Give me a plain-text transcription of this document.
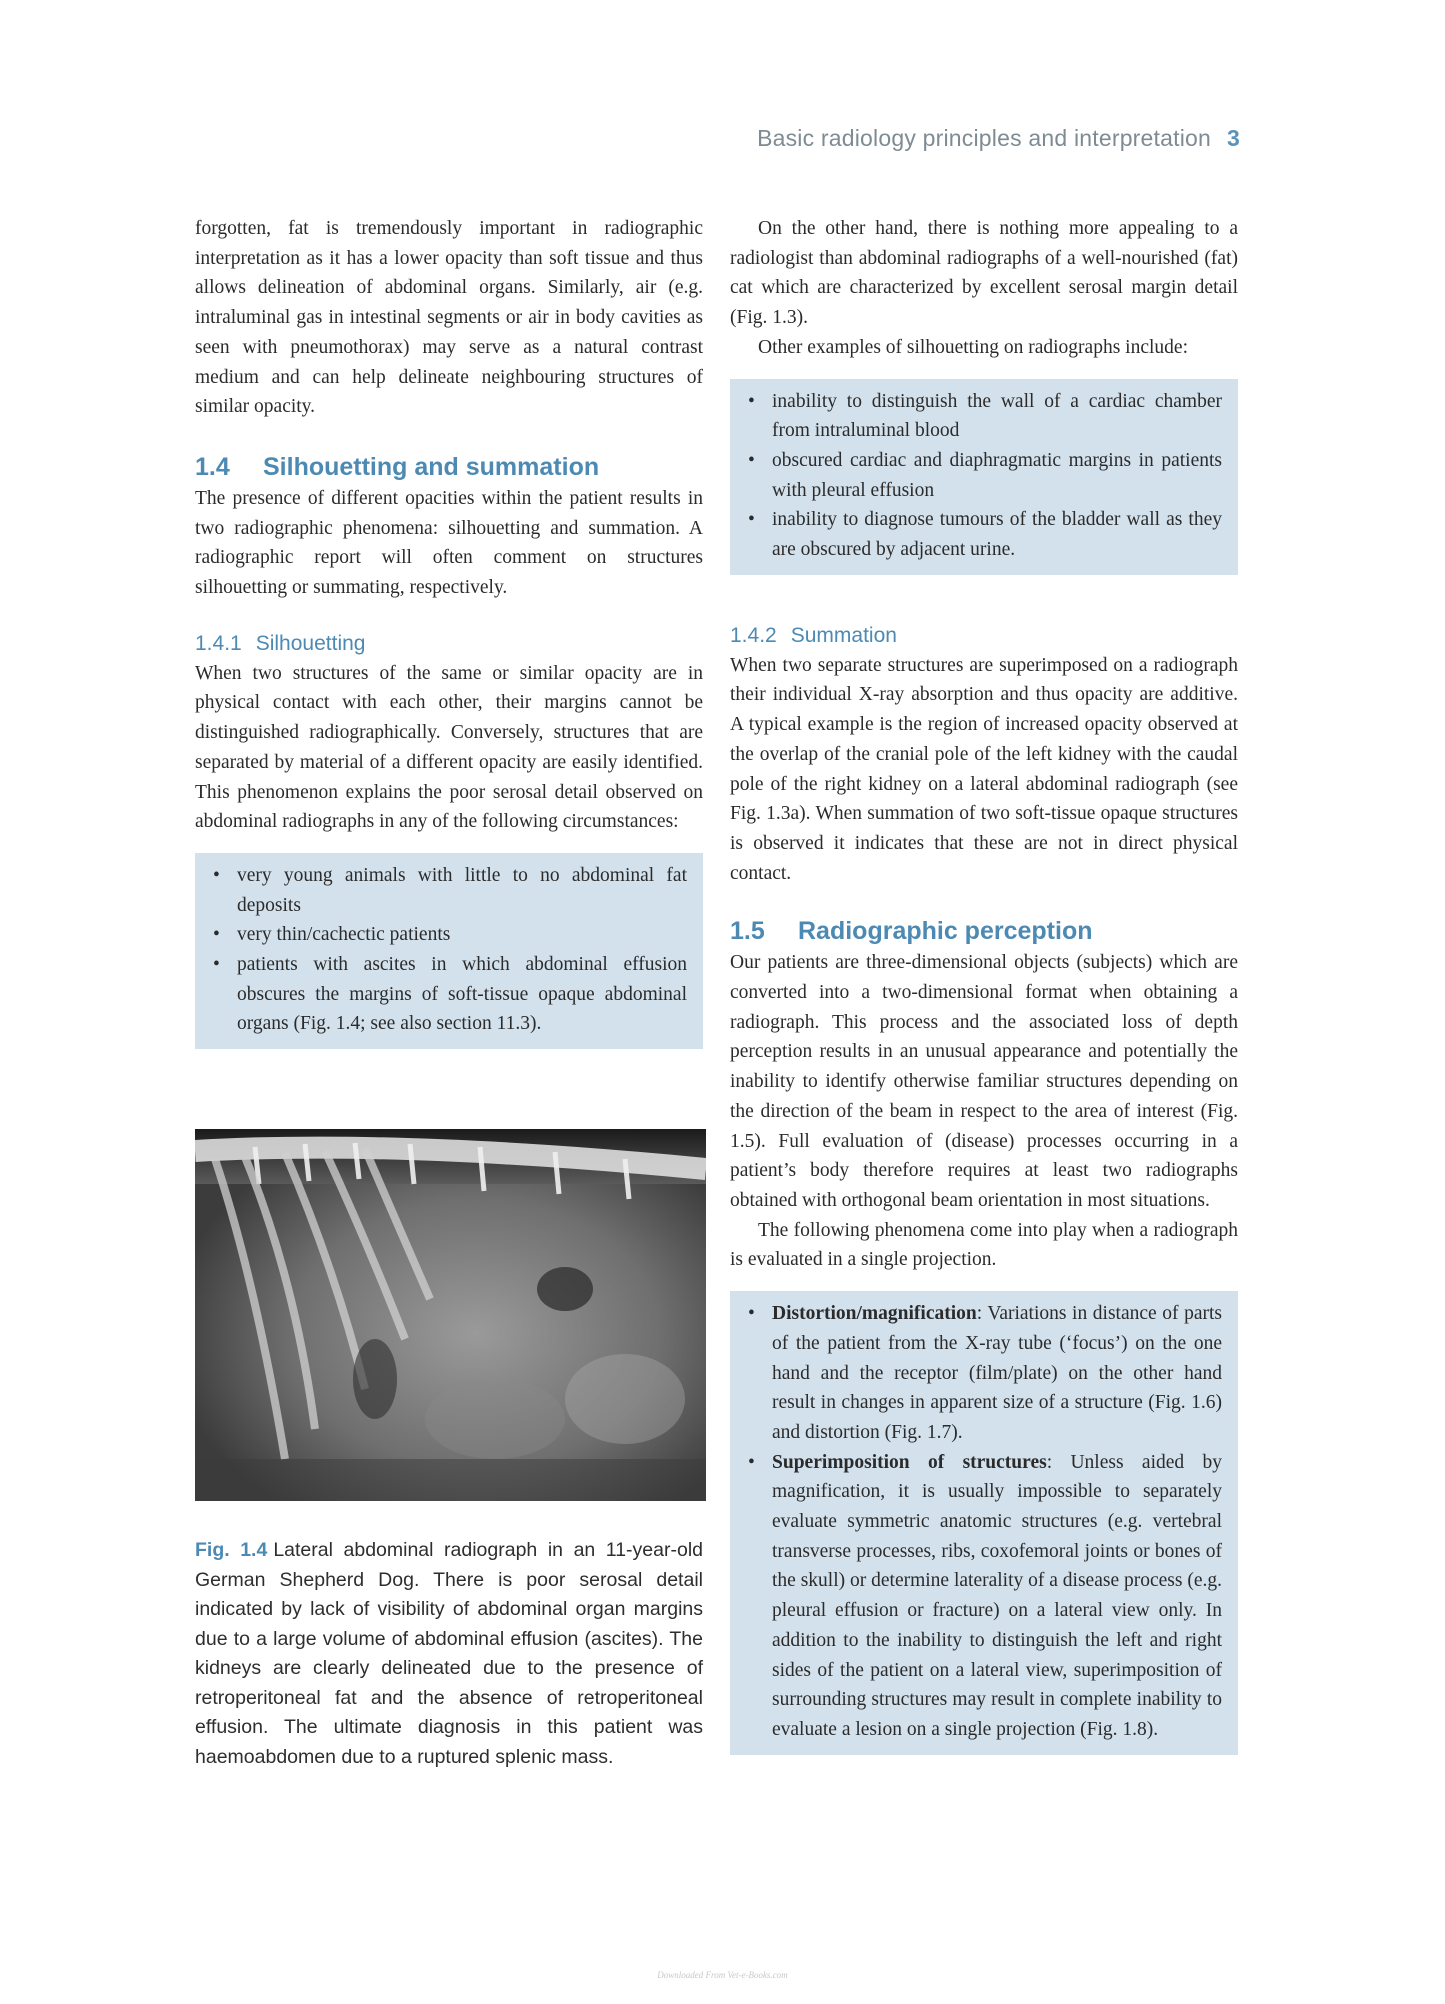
Basic radiology principles and interpretation 3

forgotten, fat is tremendously important in radiographic interpretation as it has a lower opacity than soft tissue and thus allows delineation of abdominal organs. Similarly, air (e.g. intraluminal gas in intestinal segments or air in body cavities as seen with pneumothorax) may serve as a natural contrast medium and can help delineate neighbouring structures of similar opacity.

1.4 Silhouetting and summation

The presence of different opacities within the patient results in two radiographic phenomena: silhouetting and summation. A radiographic report will often comment on structures silhouetting or summating, respectively.

1.4.1 Silhouetting

When two structures of the same or similar opacity are in physical contact with each other, their margins cannot be distinguished radiographically. Conversely, structures that are separated by material of a different opacity are easily identified. This phenomenon explains the poor serosal detail observed on abdominal radiographs in any of the following circumstances:

• very young animals with little to no abdominal fat deposits
• very thin/cachectic patients
• patients with ascites in which abdominal effusion obscures the margins of soft-tissue opaque abdominal organs (Fig. 1.4; see also section 11.3).
Fig. 1.4 Lateral abdominal radiograph in an 11-year-old German Shepherd Dog. There is poor serosal detail indicated by lack of visibility of abdominal organ margins due to a large volume of abdominal effusion (ascites). The kidneys are clearly delineated due to the presence of retroperitoneal fat and the absence of retroperitoneal effusion. The ultimate diagnosis in this patient was haemoabdomen due to a ruptured splenic mass.

On the other hand, there is nothing more appealing to a radiologist than abdominal radiographs of a well-nourished (fat) cat which are characterized by excellent serosal margin detail (Fig. 1.3).

Other examples of silhouetting on radiographs include:

• inability to distinguish the wall of a cardiac chamber from intraluminal blood
• obscured cardiac and diaphragmatic margins in patients with pleural effusion
• inability to diagnose tumours of the bladder wall as they are obscured by adjacent urine.
1.4.2 Summation

When two separate structures are superimposed on a radiograph their individual X-ray absorption and thus opacity are additive. A typical example is the region of increased opacity observed at the overlap of the cranial pole of the left kidney with the caudal pole of the right kidney on a lateral abdominal radiograph (see Fig. 1.3a). When summation of two soft-tissue opaque structures is observed it indicates that these are not in direct physical contact.

1.5 Radiographic perception

Our patients are three-dimensional objects (subjects) which are converted into a two-dimensional format when obtaining a radiograph. This process and the associated loss of depth perception results in an unusual appearance and potentially the inability to identify otherwise familiar structures depending on the direction of the beam in respect to the area of interest (Fig. 1.5). Full evaluation of (disease) processes occurring in a patient’s body therefore requires at least two radiographs obtained with orthogonal beam orientation in most situations.

The following phenomena come into play when a radiograph is evaluated in a single projection.

• Distortion/magnification: Variations in distance of parts of the patient from the X-ray tube (‘focus’) on the one hand and the receptor (film/plate) on the other hand result in changes in apparent size of a structure (Fig. 1.6) and distortion (Fig. 1.7).
• Superimposition of structures: Unless aided by magnification, it is usually impossible to separately evaluate symmetric anatomic structures (e.g. vertebral transverse processes, ribs, coxofemoral joints or bones of the skull) or determine laterality of a disease process (e.g. pleural effusion or fracture) on a lateral view only. In addition to the inability to distinguish the left and right sides of the patient on a lateral view, superimposition of surrounding structures may result in complete inability to evaluate a lesion on a single projection (Fig. 1.8).
Downloaded From Vet-e-Books.com
